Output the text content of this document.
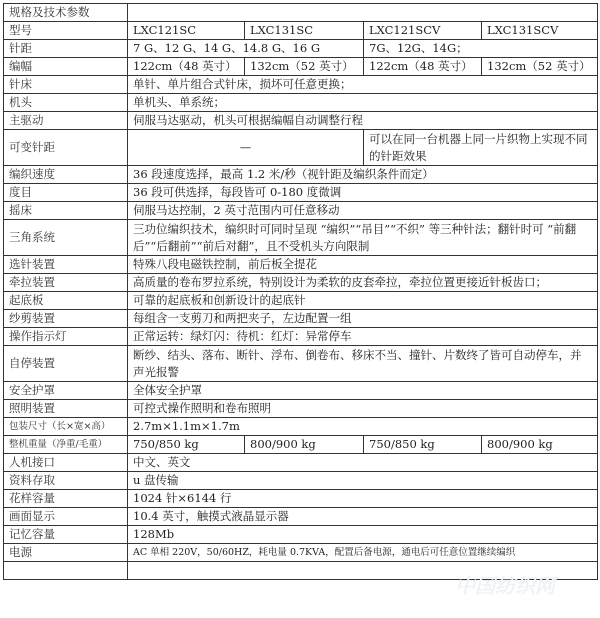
规格及技术参数				
型号	LXC121SC	LXC131SC	LXC121SCV	LXC131SCV
针距	7 G、12 G、14 G、14.8 G、16 G		7G、12G、14G；	
编幅	122cm（48 英寸）	132cm（52 英寸）	122cm（48 英寸）	132cm（52 英寸）
针床	单针、单片组合式针床，损坏可任意更换；			
机头	单机头、单系统；			
主驱动	伺服马达驱动，机头可根据编幅自动调整行程			
可变针距	—		可以在同一台机器上同一片织物上实现不同的针距效果	
编织速度	36 段速度选择，最高 1.2 米/秒（视针距及编织条件而定）			
度目	36 段可供选择，每段皆可 0-180 度微调			
摇床	伺服马达控制，2 英寸范围内可任意移动			
三角系统	三功位编织技术，编织时可同时呈现 “编织”“吊目”“不织” 等三种针法；翻针时可 “前翻后”“后翻前”“前后对翻”，且不受机头方向限制			
选针装置	特殊八段电磁铁控制，前后板全提花			
牵拉装置	高质量的卷布罗拉系统，特别设计为柔软的皮套牵拉，牵拉位置更接近针板齿口；			
起底板	可靠的起底板和创新设计的起底针			
纱剪装置	每组含一支剪刀和两把夹子，左边配置一组			
操作指示灯	正常运转：绿灯闪：待机：红灯：异常停车			
自停装置	断纱、结头、落布、断针、浮布、倒卷布、移床不当、撞针、片数终了皆可自动停车，并声光报警			
安全护罩	全体安全护罩			
照明装置	可控式操作照明和卷布照明			
包装尺寸（长×宽×高）	2.7m×1.1m×1.7m			
整机重量（净重/毛重）	750/850 kg	800/900 kg	750/850 kg	800/900 kg
人机接口	中文、英文			
资料存取	u 盘传输			
花样容量	1024 针×6144 行			
画面显示	10.4 英寸，触摸式液晶显示器			
记忆容量	128Mb			
电源	AC 单相 220V，50/60HZ，耗电量 0.7KVA，配置后备电源，通电后可任意位置继续编织			

中国纺织网
